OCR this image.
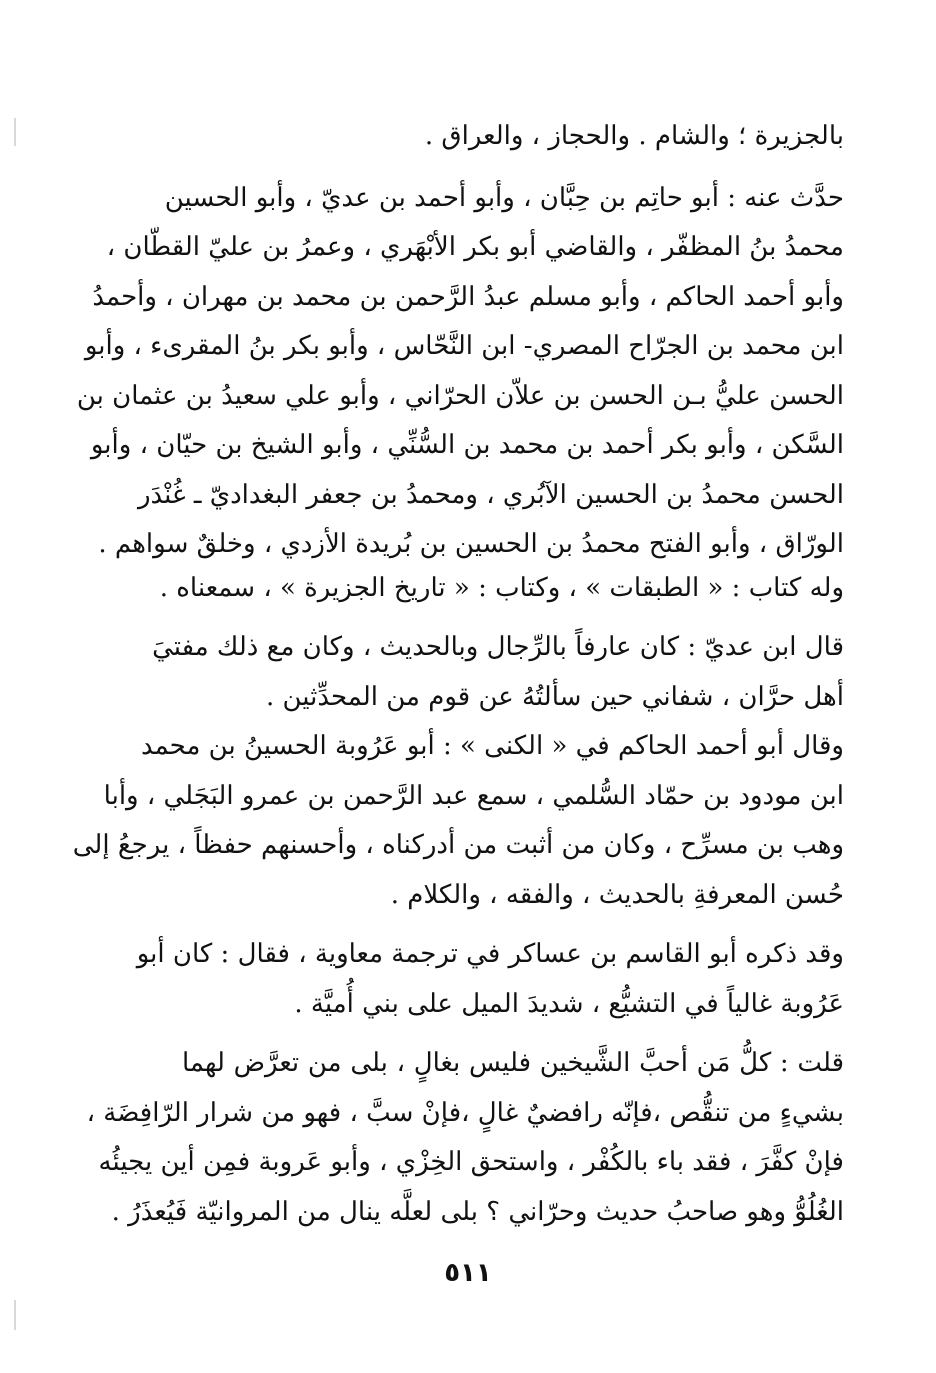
بالجزيرة ؛ والشام . والحجاز ، والعراق .
حدَّث عنه : أبو حاتِم بن حِبَّان ، وأبو أحمد بن عديّ ، وأبو الحسين
محمدُ بنُ المظفّر ، والقاضي أبو بكر الأبْهَري ، وعمرُ بن عليّ القطّان ،
وأبو أحمد الحاكم ، وأبو مسلم عبدُ الرَّحمن بن محمد بن مهران ، وأحمدُ
ابن محمد بن الجرّاح المصري- ابن النَّحّاس ، وأبو بكر بنُ المقرىء ، وأبو
الحسن عليُّ بـن الحسن بن علاّن الحرّاني ، وأبو علي سعيدُ بن عثمان بن
السَّكن ، وأبو بكر أحمد بن محمد بن السُّنِّي ، وأبو الشيخ بن حيّان ، وأبو
الحسن محمدُ بن الحسين الآبُري ، ومحمدُ بن جعفر البغداديّ ـ غُنْدَر
الورّاق ، وأبو الفتح محمدُ بن الحسين بن بُريدة الأزدي ، وخلقٌ سواهم .
وله كتاب : « الطبقات » ، وكتاب : « تاريخ الجزيرة » ، سمعناه .
قال ابن عديّ : كان عارفاً بالرِّجال وبالحديث ، وكان مع ذلك مفتيَ
أهل حرَّان ، شفاني حين سألتُهُ عن قوم من المحدِّثين .
وقال أبو أحمد الحاكم في « الكنى » : أبو عَرُوبة الحسينُ بن محمد
ابن مودود بن حمّاد السُّلمي ، سمع عبد الرَّحمن بن عمرو البَجَلي ، وأبا
وهب بن مسرِّح ، وكان من أثبت من أدركناه ، وأحسنهم حفظاً ، يرجعُ إلى
حُسن المعرفةِ بالحديث ، والفقه ، والكلام .
وقد ذكره أبو القاسم بن عساكر في ترجمة معاوية ، فقال : كان أبو
عَرُوبة غالياً في التشيُّع ، شديدَ الميل على بني أُميَّة .
قلت : كلُّ مَن أحبَّ الشَّيخين فليس بغالٍ ، بلى من تعرَّض لهما
بشيءٍ من تنقُّص ،فإنّه رافضيٌ غالٍ ،فإنْ سبَّ ، فهو من شرار الرّافِضَة ،
فإنْ كفَّرَ ، فقد باء بالكُفْر ، واستحق الخِزْي ، وأبو عَروبة فمِن أين يجيئُه
الغُلُوُّ وهو صاحبُ حديث وحرّاني ؟ بلى لعلَّه ينال من المروانيّة فَيُعذَرُ .
٥١١
